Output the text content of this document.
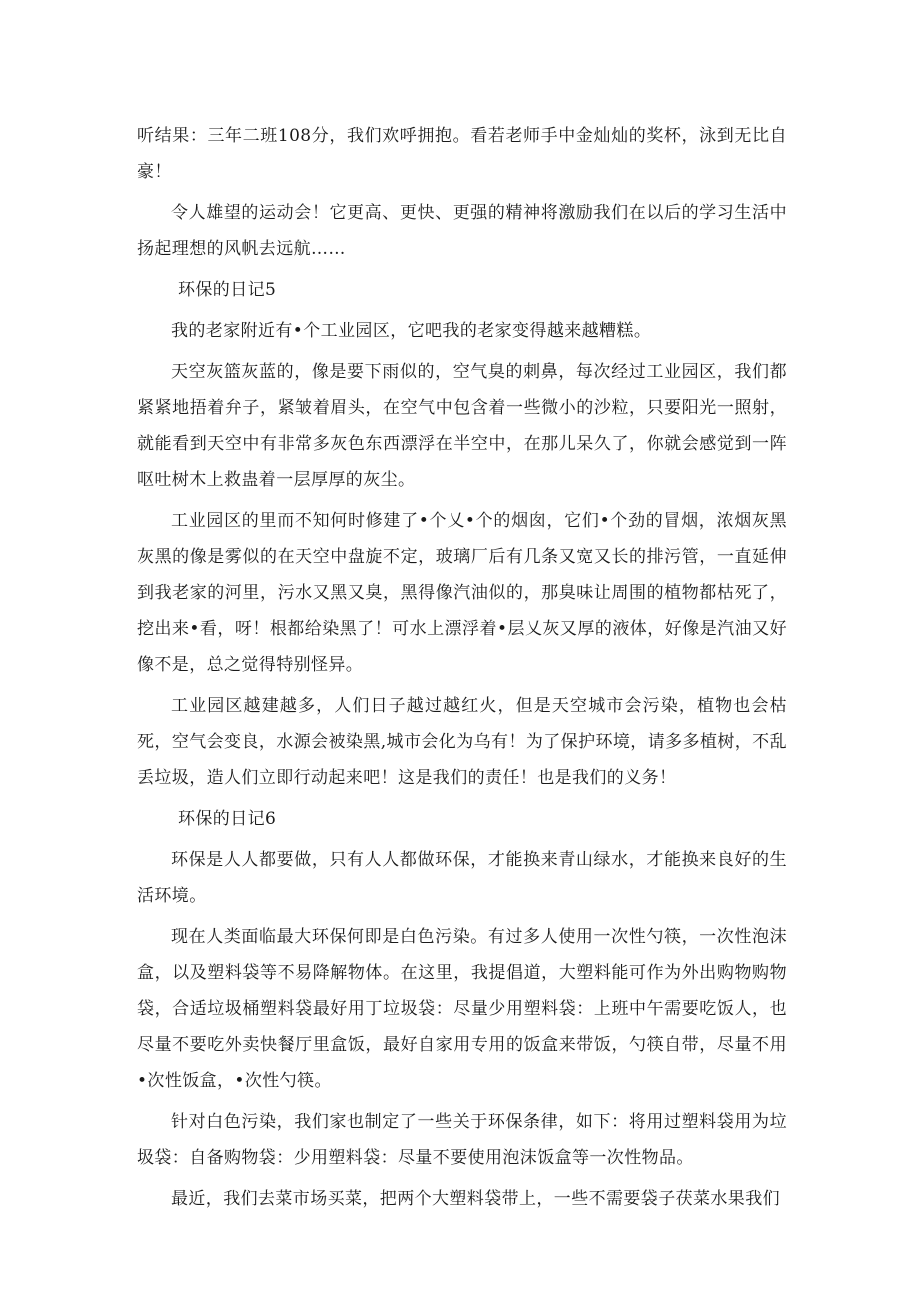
听结果：三年二班108分，我们欢呼拥抱。看若老师手中金灿灿的奖杯，泳到无比自豪！

令人雄望的运动会！它更高、更快、更强的精神将激励我们在以后的学习生活中扬起理想的风帆去远航……

环保的日记5

我的老家附近有•个工业园区，它吧我的老家变得越来越糟糕。

天空灰篮灰蓝的，像是要下雨似的，空气臭的刺鼻，每次经过工业园区，我们都紧紧地捂着弁子，紧皱着眉头，在空气中包含着一些微小的沙粒，只要阳光一照射，就能看到天空中有非常多灰色东西漂浮在半空中，在那儿呆久了，你就会感觉到一阵呕吐树木上救蛊着一层厚厚的灰尘。

工业园区的里而不知何时修建了•个乂•个的烟囱，它们•个劲的冒烟，浓烟灰黑灰黑的像是雾似的在天空中盘旋不定，玻璃厂后有几条又宽又长的排污管，一直延伸到我老家的河里，污水又黑又臭，黑得像汽油似的，那臭味让周围的植物都枯死了，挖出来•看，呀！根都给染黑了！可水上漂浮着•层乂灰又厚的液体，好像是汽油又好像不是，总之觉得特别怪异。

工业园区越建越多，人们日子越过越红火，但是天空城市会污染，植物也会枯死，空气会变良，水源会被染黑,城市会化为乌有！为了保护环境，请多多植树，不乱丢垃圾，造人们立即行动起来吧！这是我们的责任！也是我们的义务！

环保的日记6

环保是人人都要做，只有人人都做环保，才能换来青山绿水，才能换来良好的生活环境。

现在人类面临最大环保何即是白色污染。有过多人使用一次性勺筷，一次性泡沫盒，以及塑料袋等不易降解物体。在这里，我提倡道，大塑料能可作为外出购物购物袋，合适垃圾桶塑料袋最好用丁垃圾袋：尽量少用塑料袋：上班中午需要吃饭人，也尽量不要吃外卖快餐厅里盒饭，最好自家用专用的饭盒来带饭，勺筷自带，尽量不用•次性饭盒，•次性勺筷。

针对白色污染，我们家也制定了一些关于环保条律，如下：将用过塑料袋用为垃圾袋：自备购物袋：少用塑料袋：尽量不要使用泡沫饭盒等一次性物品。

最近，我们去菜市场买菜，把两个大塑料袋带上，一些不需要袋子茯菜水果我们
